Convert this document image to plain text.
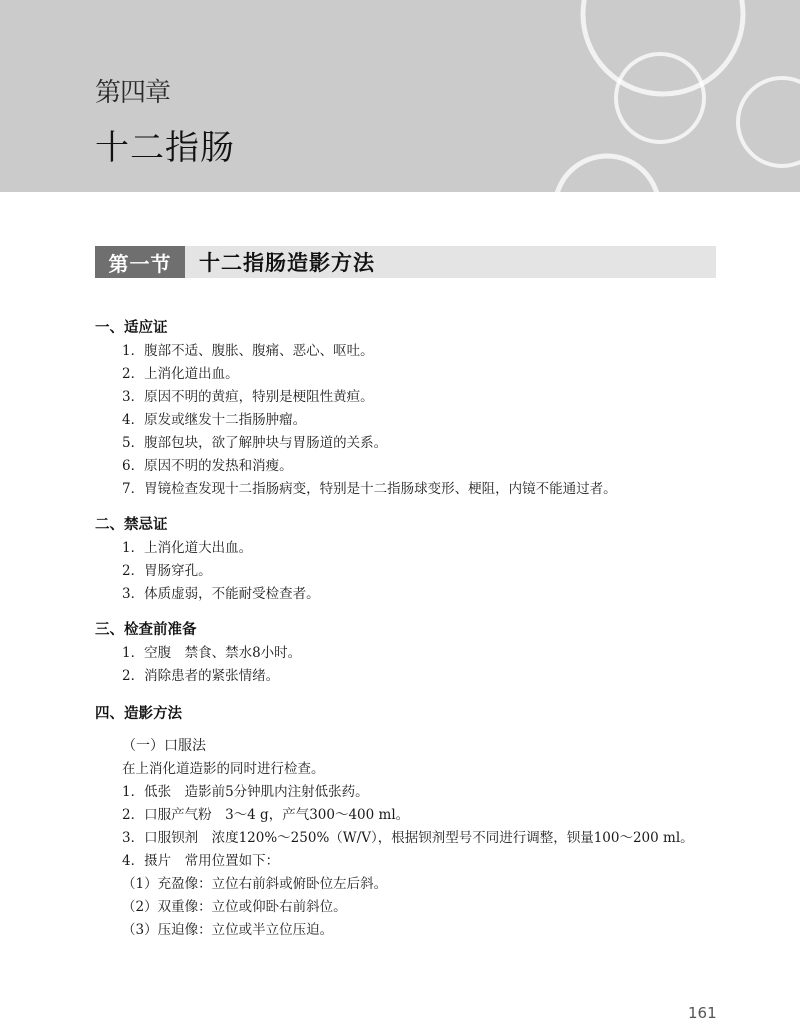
第四章
十二指肠
第一节	十二指肠造影方法
一、适应证
1．腹部不适、腹胀、腹痛、恶心、呕吐。
2．上消化道出血。
3．原因不明的黄疸，特别是梗阻性黄疸。
4．原发或继发十二指肠肿瘤。
5．腹部包块，欲了解肿块与胃肠道的关系。
6．原因不明的发热和消瘦。
7．胃镜检查发现十二指肠病变，特别是十二指肠球变形、梗阻，内镜不能通过者。
二、禁忌证
1．上消化道大出血。
2．胃肠穿孔。
3．体质虚弱，不能耐受检查者。
三、检查前准备
1．空腹　禁食、禁水8小时。
2．消除患者的紧张情绪。
四、造影方法
（一）口服法
在上消化道造影的同时进行检查。
1．低张　造影前5分钟肌内注射低张药。
2．口服产气粉　3～4 g，产气300～400 ml。
3．口服钡剂　浓度120%～250%（W/V），根据钡剂型号不同进行调整，钡量100～200 ml。
4．摄片　常用位置如下：
（1）充盈像：立位右前斜或俯卧位左后斜。
（2）双重像：立位或仰卧右前斜位。
（3）压迫像：立位或半立位压迫。
161
